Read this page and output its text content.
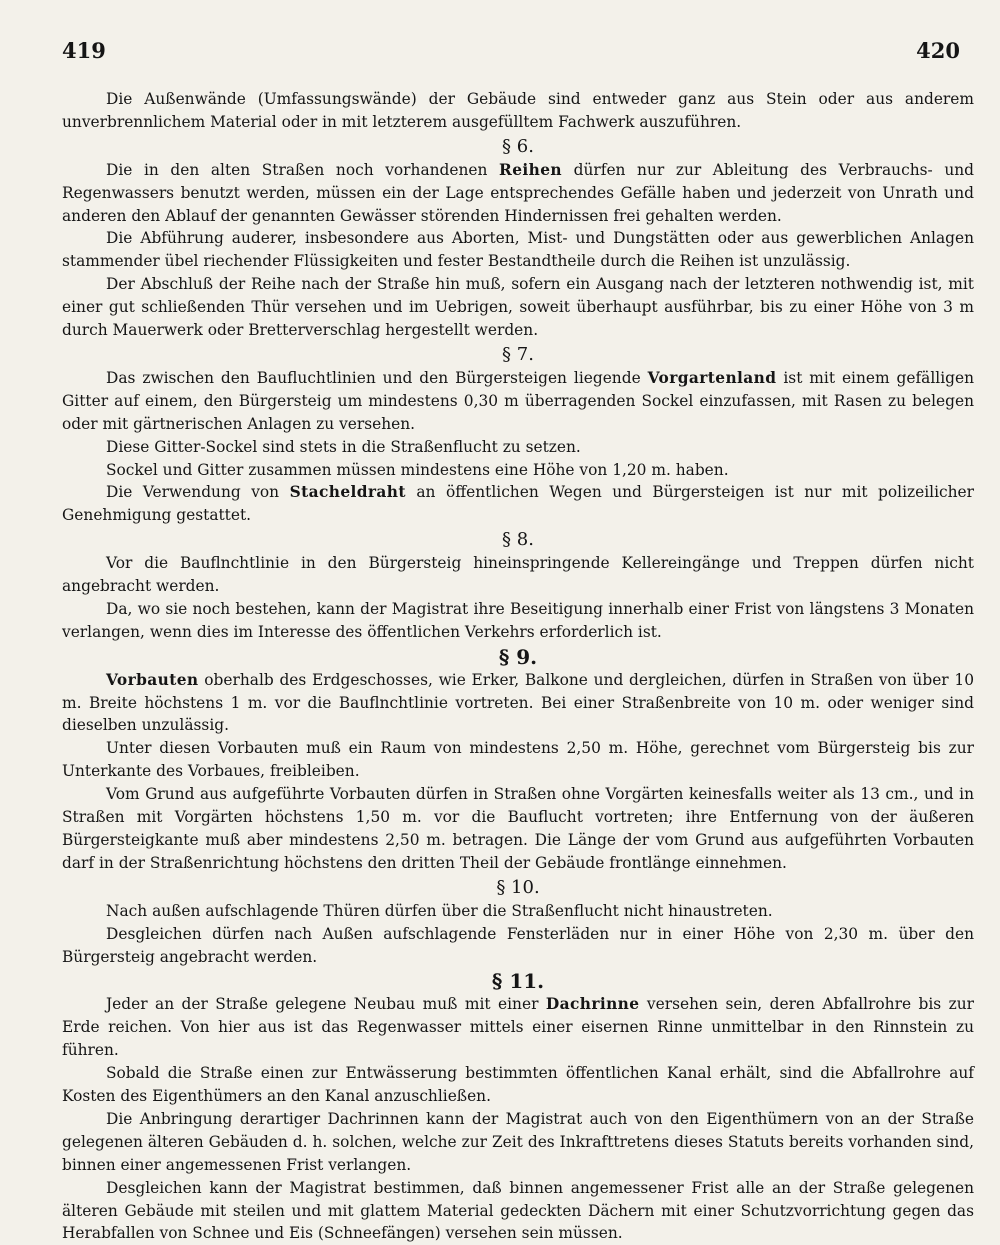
419	420

Die Außenwände (Umfassungswände) der Gebäude sind entweder ganz aus Stein oder aus anderem unverbrennlichem Material oder in mit letzterem ausgefülltem Fachwerk auszuführen.

§ 6.

Die in den alten Straßen noch vorhandenen Reihen dürfen nur zur Ableitung des Verbrauchs- und Regenwassers benutzt werden, müssen ein der Lage entsprechendes Gefälle haben und jederzeit von Unrath und anderen den Ablauf der genannten Gewässer störenden Hindernissen frei gehalten werden.

Die Abführung auderer, insbesondere aus Aborten, Mist- und Dungstätten oder aus gewerblichen Anlagen stammender übel riechender Flüssigkeiten und fester Bestandtheile durch die Reihen ist unzulässig.

Der Abschluß der Reihe nach der Straße hin muß, sofern ein Ausgang nach der letzteren nothwendig ist, mit einer gut schließenden Thür versehen und im Uebrigen, soweit überhaupt ausführbar, bis zu einer Höhe von 3 m durch Mauerwerk oder Bretterverschlag hergestellt werden.

§ 7.

Das zwischen den Baufluchtlinien und den Bürgersteigen liegende Vorgartenland ist mit einem gefälligen Gitter auf einem, den Bürgersteig um mindestens 0,30 m überragenden Sockel einzufassen, mit Rasen zu belegen oder mit gärtnerischen Anlagen zu versehen.

Diese Gitter-Sockel sind stets in die Straßenflucht zu setzen.

Sockel und Gitter zusammen müssen mindestens eine Höhe von 1,20 m. haben.

Die Verwendung von Stacheldraht an öffentlichen Wegen und Bürgersteigen ist nur mit polizeilicher Genehmigung gestattet.

§ 8.

Vor die Bauflnchtlinie in den Bürgersteig hineinspringende Kellereingänge und Treppen dürfen nicht angebracht werden.

Da, wo sie noch bestehen, kann der Magistrat ihre Beseitigung innerhalb einer Frist von längstens 3 Monaten verlangen, wenn dies im Interesse des öffentlichen Verkehrs erforderlich ist.

§ 9.

Vorbauten oberhalb des Erdgeschosses, wie Erker, Balkone und dergleichen, dürfen in Straßen von über 10 m. Breite höchstens 1 m. vor die Bauflnchtlinie vortreten. Bei einer Straßenbreite von 10 m. oder weniger sind dieselben unzulässig.

Unter diesen Vorbauten muß ein Raum von mindestens 2,50 m. Höhe, gerechnet vom Bürgersteig bis zur Unterkante des Vorbaues, freibleiben.

Vom Grund aus aufgeführte Vorbauten dürfen in Straßen ohne Vorgärten keinesfalls weiter als 13 cm., und in Straßen mit Vorgärten höchstens 1,50 m. vor die Bauflucht vortreten; ihre Entfernung von der äußeren Bürgersteigkante muß aber mindestens 2,50 m. betragen. Die Länge der vom Grund aus aufgeführten Vorbauten darf in der Straßenrichtung höchstens den dritten Theil der Gebäude frontlänge einnehmen.

§ 10.

Nach außen aufschlagende Thüren dürfen über die Straßenflucht nicht hinaustreten.

Desgleichen dürfen nach Außen aufschlagende Fensterläden nur in einer Höhe von 2,30 m. über den Bürgersteig angebracht werden.

§ 11.

Jeder an der Straße gelegene Neubau muß mit einer Dachrinne versehen sein, deren Abfallrohre bis zur Erde reichen. Von hier aus ist das Regenwasser mittels einer eisernen Rinne unmittelbar in den Rinnstein zu führen.

Sobald die Straße einen zur Entwässerung bestimmten öffentlichen Kanal erhält, sind die Abfallrohre auf Kosten des Eigenthümers an den Kanal anzuschließen.

Die Anbringung derartiger Dachrinnen kann der Magistrat auch von den Eigenthümern von an der Straße gelegenen älteren Gebäuden d. h. solchen, welche zur Zeit des Inkrafttretens dieses Statuts bereits vorhanden sind, binnen einer angemessenen Frist verlangen.

Desgleichen kann der Magistrat bestimmen, daß binnen angemessener Frist alle an der Straße gelegenen älteren Gebäude mit steilen und mit glattem Material gedeckten Dächern mit einer Schutzvorrichtung gegen das Herabfallen von Schnee und Eis (Schneefängen) versehen sein müssen.
